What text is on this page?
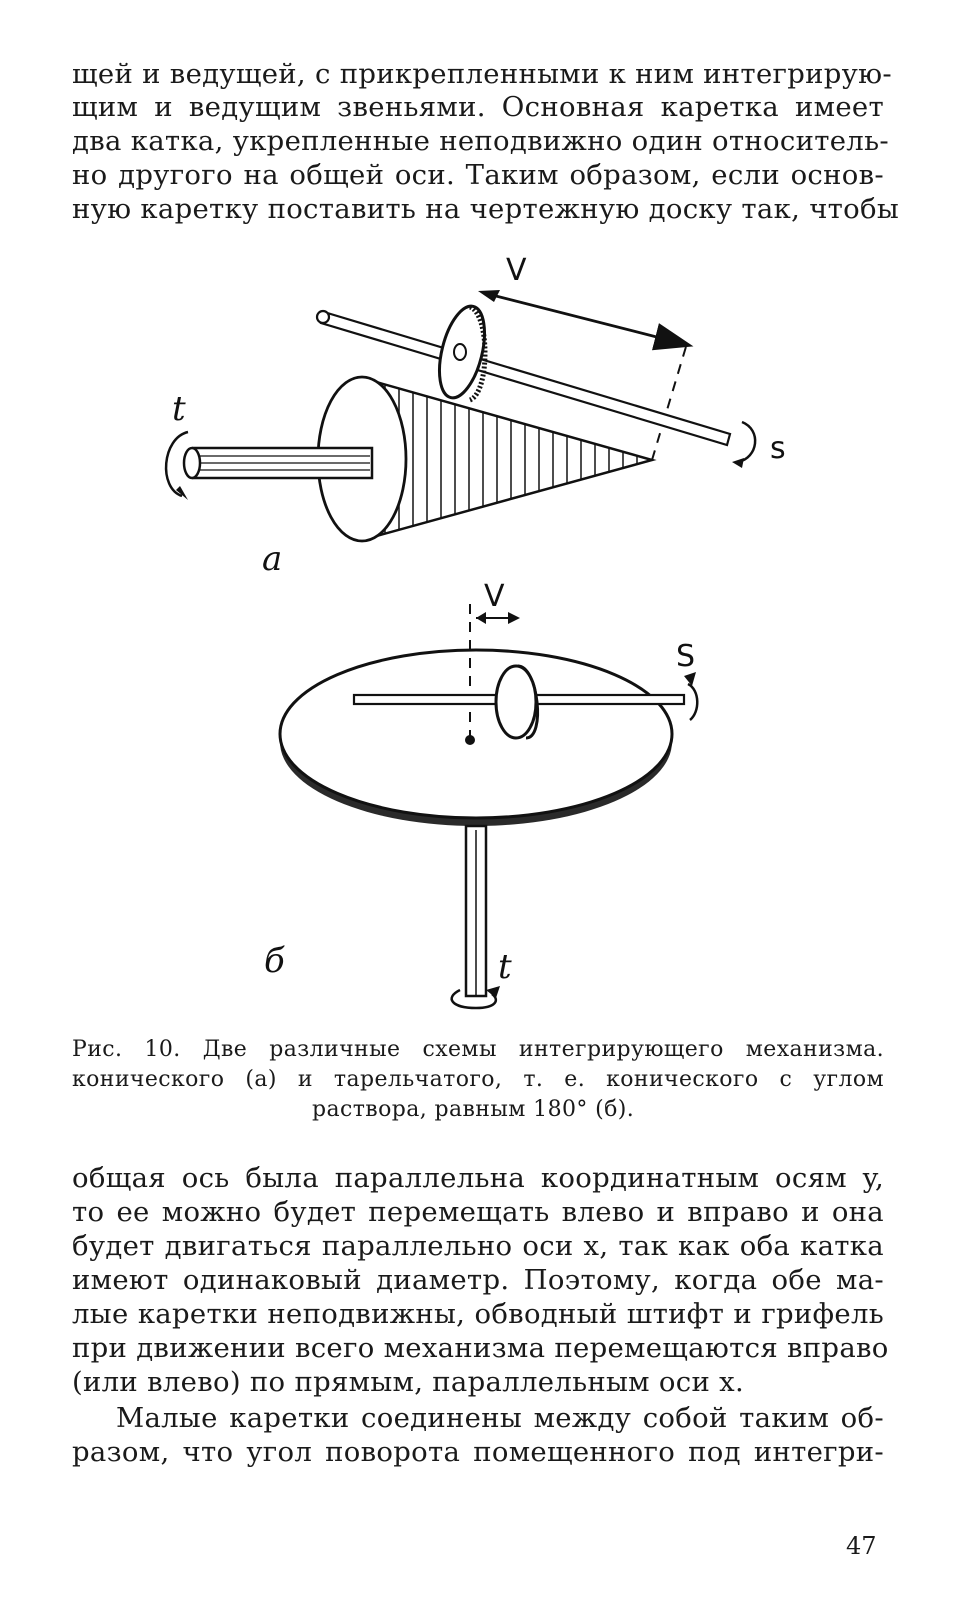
щей и ведущей, с прикрепленными к ним интегрирую-
щим и ведущим звеньями. Основная каретка имеет
два катка, укрепленные неподвижно один относитель-
но другого на общей оси. Таким образом, если основ-
ную каретку поставить на чертежную доску так, чтобы
V
t
s
а
V
S
t
б
Рис. 10. Две различные схемы интегрирующего механизма.
конического (а) и тарельчатого, т. е. конического с углом
раствора, равным 180° (б).
общая ось была параллельна координатным осям y,
то ее можно будет перемещать влево и вправо и она
будет двигаться параллельно оси x, так как оба катка
имеют одинаковый диаметр. Поэтому, когда обе ма-
лые каретки неподвижны, обводный штифт и грифель
при движении всего механизма перемещаются вправо
(или влево) по прямым, параллельным оси x.
Малые каретки соединены между собой таким об-
разом, что угол поворота помещенного под интегри-
47
